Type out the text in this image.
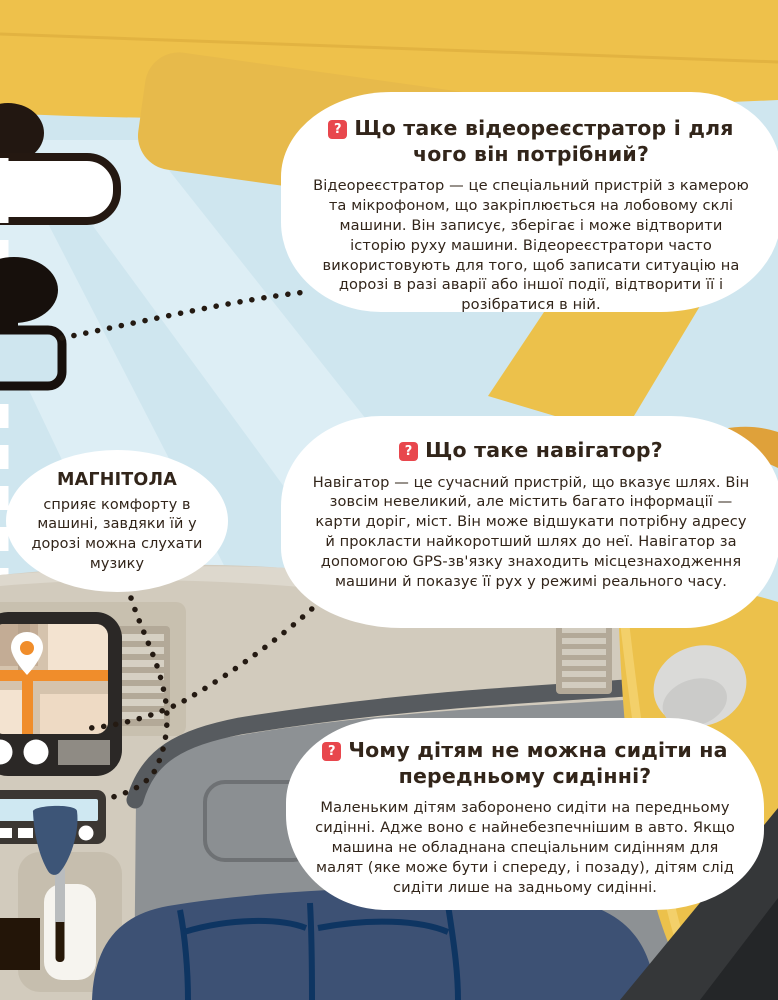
? Що таке відеореєстратор і для чого він потрібний?
Відеореєстратор — це спеціальний пристрій з камерою та мікрофоном, що закріплюється на лобовому склі машини. Він записує, зберігає і може відтворити історію руху машини. Відеореєстратори часто використовують для того, щоб записати ситуацію на дорозі в разі аварії або іншої події, відтворити її і розібратися в ній.
? Що таке навігатор?
Навігатор — це сучасний пристрій, що вказує шлях. Він зовсім невеликий, але містить багато інформації — карти доріг, міст. Він може відшукати потрібну адресу й прокласти найкоротший шлях до неї. Навігатор за допомогою GPS-зв'язку знаходить місцезнаходження машини й показує її рух у режимі реального часу.
МАГНІТОЛА
сприяє комфорту в машині, завдяки їй у дорозі можна слухати музику
? Чому дітям не можна сидіти на передньому сидінні?
Маленьким дітям заборонено сидіти на передньому сидінні. Адже воно є найнебезпечнішим в авто. Якщо машина не обладнана спеціальним сидінням для малят (яке може бути і спереду, і позаду), дітям слід сидіти лише на задньому сидінні.
